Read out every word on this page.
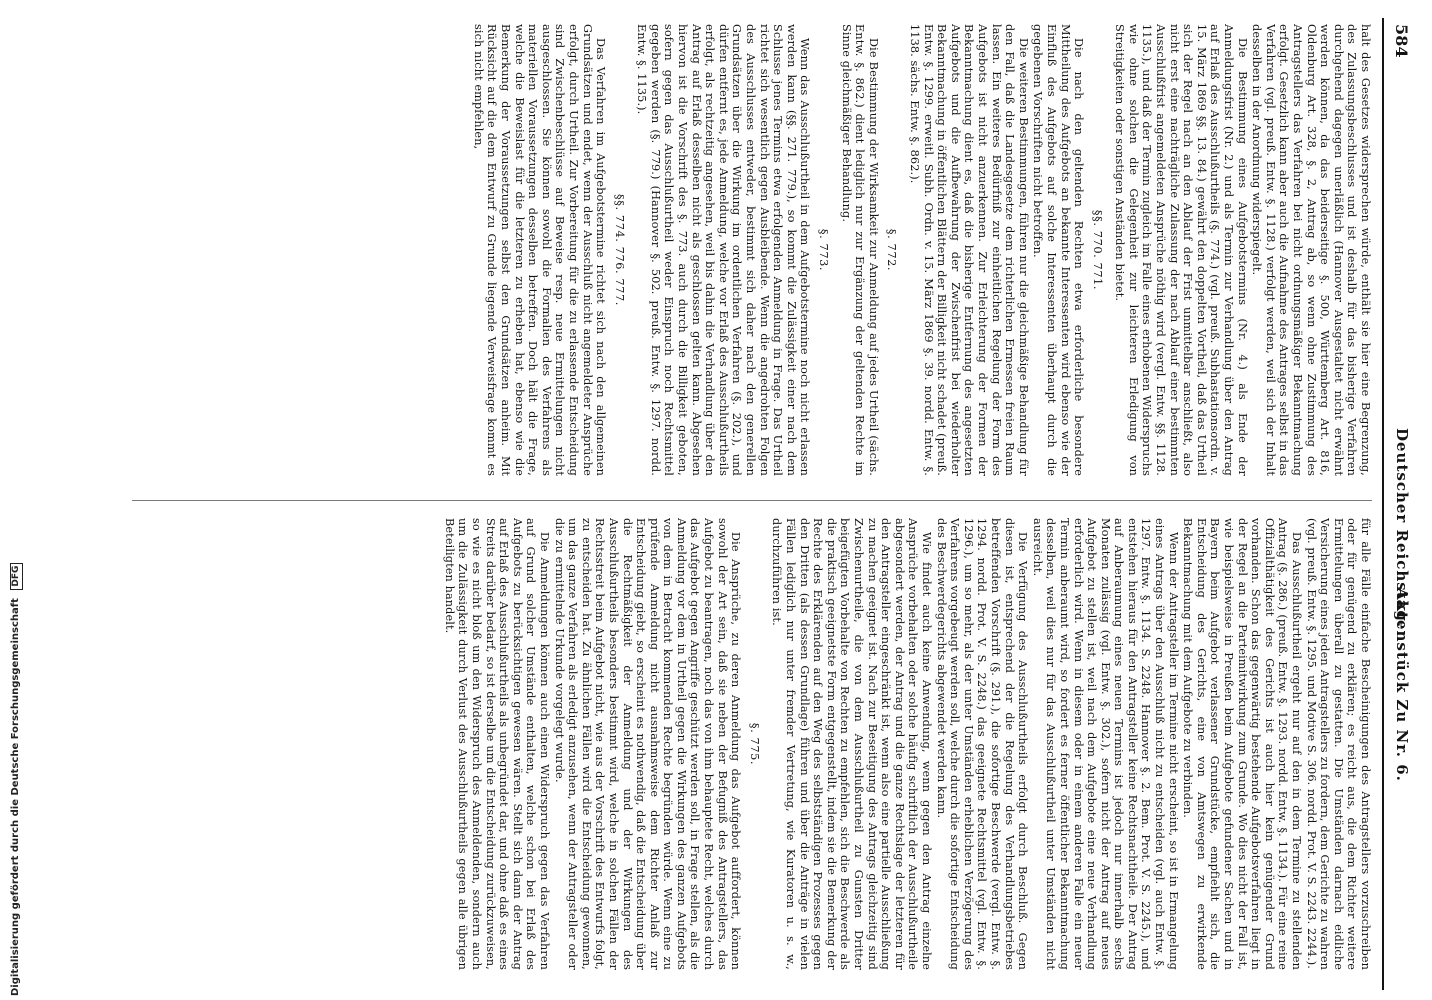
584
Deutscher Reichstag.
Aktenstück Zu Nr. 6.

halt des Gesetzes widersprechen würde, enthält sie hier eine Begrenzung, des Zulassungsbeschlusses und ist deshalb für das bisherige Verfahren durchgehend dagegen unerläßlich (Hannover Ausgestaltet nicht erwähnt werden können, da das beiderseitige §. 500, Württemberg Art. 816, Oldenburg Art. 328, §. 2, Antrag ab, so wenn ohne Zustimmung des Antragstellers das Verfahren bei nicht ordnungsmäßiger Bekanntmachung erfolgt. Gesetzlich kann aber auch die Aufnahme des Antrages selbst in das Verfahren (vgl. preuß. Entw. §. 1128.) verfolgt werden, weil sich der Inhalt desselben in der Anordnung widerspiegelt.

Die Bestimmung eines Aufgebotstermins (Nr. 4.) als Ende der Anmeldungsfrist (Nr. 2.) und als Termin zur Verhandlung über den Antrag auf Erlaß des Ausschlußurtheils (§. 774.) (vgl. preuß. Subhastationsordn. v. 15. März 1869 §§. 13. 84.) gewährt den doppelten Vortheil, daß das Urtheil sich der Regel nach an den Ablauf der Frist unmittelbar anschließt, also nicht erst eine nachträgliche Zulassung der nach Ablauf einer bestimmten Ausschlußfrist angemeldeten Ansprüche nöthig wird (vergl. Entw. §§. 1128. 1135.), und daß der Termin zugleich im Falle eines erhobenen Widerspruchs wie ohne solchen die Gelegenheit zur leichteren Erledigung von Streitigkeiten oder sonstigen Anständen bietet.

§§. 770. 771.

Die nach den geltenden Rechten etwa erforderliche besondere Mittheilung des Aufgebots an bekannte Interessenten wird ebenso wie der Einfluß des Aufgebots auf solche Interessenten überhaupt durch die gegebenen Vorschriften nicht betroffen.

Die weiteren Bestimmungen, führen nur die gleichmäßige Behandlung für den Fall, daß die Landesgesetze dem richterlichen Ermessen freien Raum lassen. Ein weiteres Bedürfniß zur einheitlichen Regelung der Form des Aufgebots ist nicht anzuerkennen. Zur Erleichterung der Formen der Bekanntmachung dient es, daß die bisherige Entfernung des angesetzten Aufgebots und die Aufbewahrung der Zwischenfrist bei wiederholter Bekanntmachung in öffentlichen Blättern der Billigkeit nicht schadet (preuß. Entw. §. 1299. erweitl. Subh. Ordn. v. 15. März 1869 §. 39. nordd. Entw. §. 1138. sächs. Entw. §. 862.).

§. 772.

Die Bestimmung der Wirksamkeit zur Anmeldung auf jedes Urtheil (sächs. Entw. §. 862.) dient lediglich nur zur Ergänzung der geltenden Rechte im Sinne gleichmäßiger Behandlung.

§. 773.

Wenn das Ausschlußurtheil in dem Aufgebotstermine noch nicht erlassen werden kann (§§. 271. 779.), so kommt die Zulässigkeit einer nach dem Schlusse jenes Termins etwa erfolgenden Anmeldung in Frage. Das Urtheil richtet sich wesentlich gegen Ausbleibende. Wenn die angedrohten Folgen des Ausschlusses entweder, bestimmt sich daher nach den generellen Grundsätzen über die Wirkung im ordentlichen Verfahren (§. 202.), und dürfen entfernt es, jede Anmeldung, welche vor Erlaß des Ausschlußurtheils erfolgt, als rechtzeitig angesehen, weil bis dahin die Verhandlung über den Antrag auf Erlaß desselben nicht als geschlossen gelten kann. Abgesehen hiervon ist die Vorschrift des §. 773. auch durch die Billigkeit geboten, sofern gegen das Ausschlußurtheil weder Einspruch noch Rechtsmittel gegeben werden (§. 779.) (Hannover §. 502. preuß. Entw. §. 1297. nordd. Entw. §. 1135.).

§§. 774. 776. 777.

Das Verfahren im Aufgebotstermine richtet sich nach den allgemeinen Grundsätzen und endet, wenn der Ausschluß nicht angemeldeter Ansprüche erfolgt, durch Urtheil. Zur Vorbereitung für die zu erlassende Entscheidung sind Zwischenbeschlüsse auf Beweise resp. neue Ermittelungen nicht ausgeschlossen. Sie können sowohl die Formalien des Verfahrens als materiellen Voraussetzungen desselben betreffen. Doch hält die Frage, welche die Beweislast für die letzteren zu erheben hat, ebenso wie die Bemerkung der Voraussetzungen selbst den Grundsätzen anheim. Mit Rücksicht auf die dem Entwurf zu Grunde liegende Verweisfrage kommt es sich nicht empfehlen,

für alle Fälle einfache Bescheinigungen des Antragstellers vorzuschreiben oder für genügend zu erklären; es reicht aus, die dem Richter weitere Ermittelungen überall zu gestatten. Die Umständen darnach eidliche Versicherung eines jeden Antragstellers zu fordern, dem Gerichte zu wahren (vgl. preuß. Entw. §. 1295. und Motive S. 306. nordd. Prot. V. S. 2243. 2244.).

Das Ausschlußurtheil ergeht nur auf den in dem Termine zu stellenden Antrag (§. 286.) (preuß. Entw. §. 1293. nordd. Entw. §. 1134.). Für eine reine Offizialthätigkeit des Gerichts ist auch hier kein genügender Grund vorhanden. Schon das gegenwärtig bestehende Aufgebotsverfahren liegt in der Regel an die Parteimitwirkung zum Grunde. Wo dies nicht der Fall ist, wie beispielsweise in Preußen beim Aufgebote gefundener Sachen und in Bayern beim Aufgebot verlassener Grundstücke, empfiehlt sich, die Entscheidung des Gerichts, eine von Amtswegen zu erwirkende Bekanntmachung mit dem Aufgebote zu verbinden.

Wenn der Antragsteller im Termine nicht erscheint, so ist in Ermangelung eines Antrags über den Ausschluß nicht zu entscheiden (vgl. auch Entw. §. 1297. Entw. §. 1134. S. 2248. Hannover §. 2. Bem. Prot. V. S. 2245.), und entstehen hieraus für den Antragsteller keine Rechtsnachtheile. Der Antrag auf Anberaumung eines neuen Termins ist jedoch nur innerhalb sechs Monaten zulässig (vgl. Entw. §. 302.), sofern nicht der Antrag auf neues Aufgebot zu stellen ist, weil nach dem Aufgebote eine neue Verhandlung erforderlich wird. Wenn in diesem oder in einem anderen Falle ein neuer Termin anberaumt wird, so fordert es ferner öffentlicher Bekanntmachung desselben, weil dies nur für das Ausschlußurtheil unter Umständen nicht ausreicht.

Die Verfügung des Ausschlußurtheils erfolgt durch Beschluß. Gegen diesen ist, entsprechend der die Regelung des Verhandlungsbetriebes betreffenden Vorschrift (§. 291.), die sofortige Beschwerde (vergl. Entw. §. 1294. nordd. Prot. V. S. 2248.) das geeignete Rechtsmittel (vgl. Entw. §. 1296.), um so mehr, als der unter Umständen erheblichen Verzögerung des Verfahrens vorgebeugt werden soll, welche durch die sofortige Entscheidung des Beschwerdegerichts abgewendet werden kann.

Wie findet auch keine Anwendung, wenn gegen den Antrag einzelne Ansprüche vorbehalten oder solche häufig schriftlich der Ausschlußurtheile abgesondert werden, der Antrag und die ganze Rechtslage der letzteren für den Antragsteller eingeschränkt ist, wenn also eine partielle Ausschließung zu machen geeignet ist. Nach zur Beseitigung des Antrags gleichzeitig sind Zwischenurtheile, die von dem Ausschlußurtheil zu Gunsten Dritter beigefügten Vorbehalte von Rechten zu empfehlen, sich die Beschwerde als die praktisch geeignetste Form entgegenstellt, indem sie die Bemerkung der Rechte des Erklärenden auf den Weg des selbstständigen Prozesses gegen den Dritten (als dessen Grundlage) führen und über die Anträge in vielen Fällen lediglich nur unter fremder Vertretung, wie Kuratoren u. s. w., durchzuführen ist.

§. 775.

Die Ansprüche, zu deren Anmeldung das Aufgebot auffordert, können sowohl der Art sein, daß sie neben der Befugniß des Antragstellers, das Aufgebot zu beantragen, noch das von ihm behauptete Recht, welches durch das Aufgebot gegen Angriffe geschützt werden soll, in Frage stellen, als die Anmeldung vor dem in Urtheil gegen die Wirkungen des ganzen Aufgebots von dem in Betracht kommenden Rechte begründen würde. Wenn eine zu prüfende Anmeldung nicht ausnahmsweise dem Richter Anlaß zur Entscheidung giebt, so erscheint es nothwendig, daß die Entscheidung über die Rechtmäßigkeit der Anmeldung und der Wirkungen des Ausschlußurtheils besonders bestimmt wird, welche in solchen Fällen der Rechtsstreit beim Aufgebot nicht, wie aus der Vorschrift des Entwurfs folgt, zu entscheiden hat. Zu ähnlichen Fällen wird die Entscheidung gewonnen, um das ganze Verfahren als erledigt anzusehen, wenn der Antragsteller oder die zu ermittelnde Urkunde vorgelegt wurde.

Die Anmeldungen können auch einen Widerspruch gegen das Verfahren auf Grund solcher Umstände enthalten, welche schon bei Erlaß des Aufgebots zu berücksichtigen gewesen wären. Stellt sich dann der Antrag auf Erlaß des Ausschlußurtheils als unbegründet dar, und ohne daß es eines Streits darüber bedarf, so ist derselbe um die Entscheidung zurückzuweisen, so wie es nicht bloß um den Widerspruch des Anmeldenden, sondern auch um die Zulässigkeit durch Verlust des Ausschlußurtheils gegen alle übrigen Beteiligten handelt.

Digitalisierung gefördert durch die Deutsche Forschungsgemeinschaft DFG
